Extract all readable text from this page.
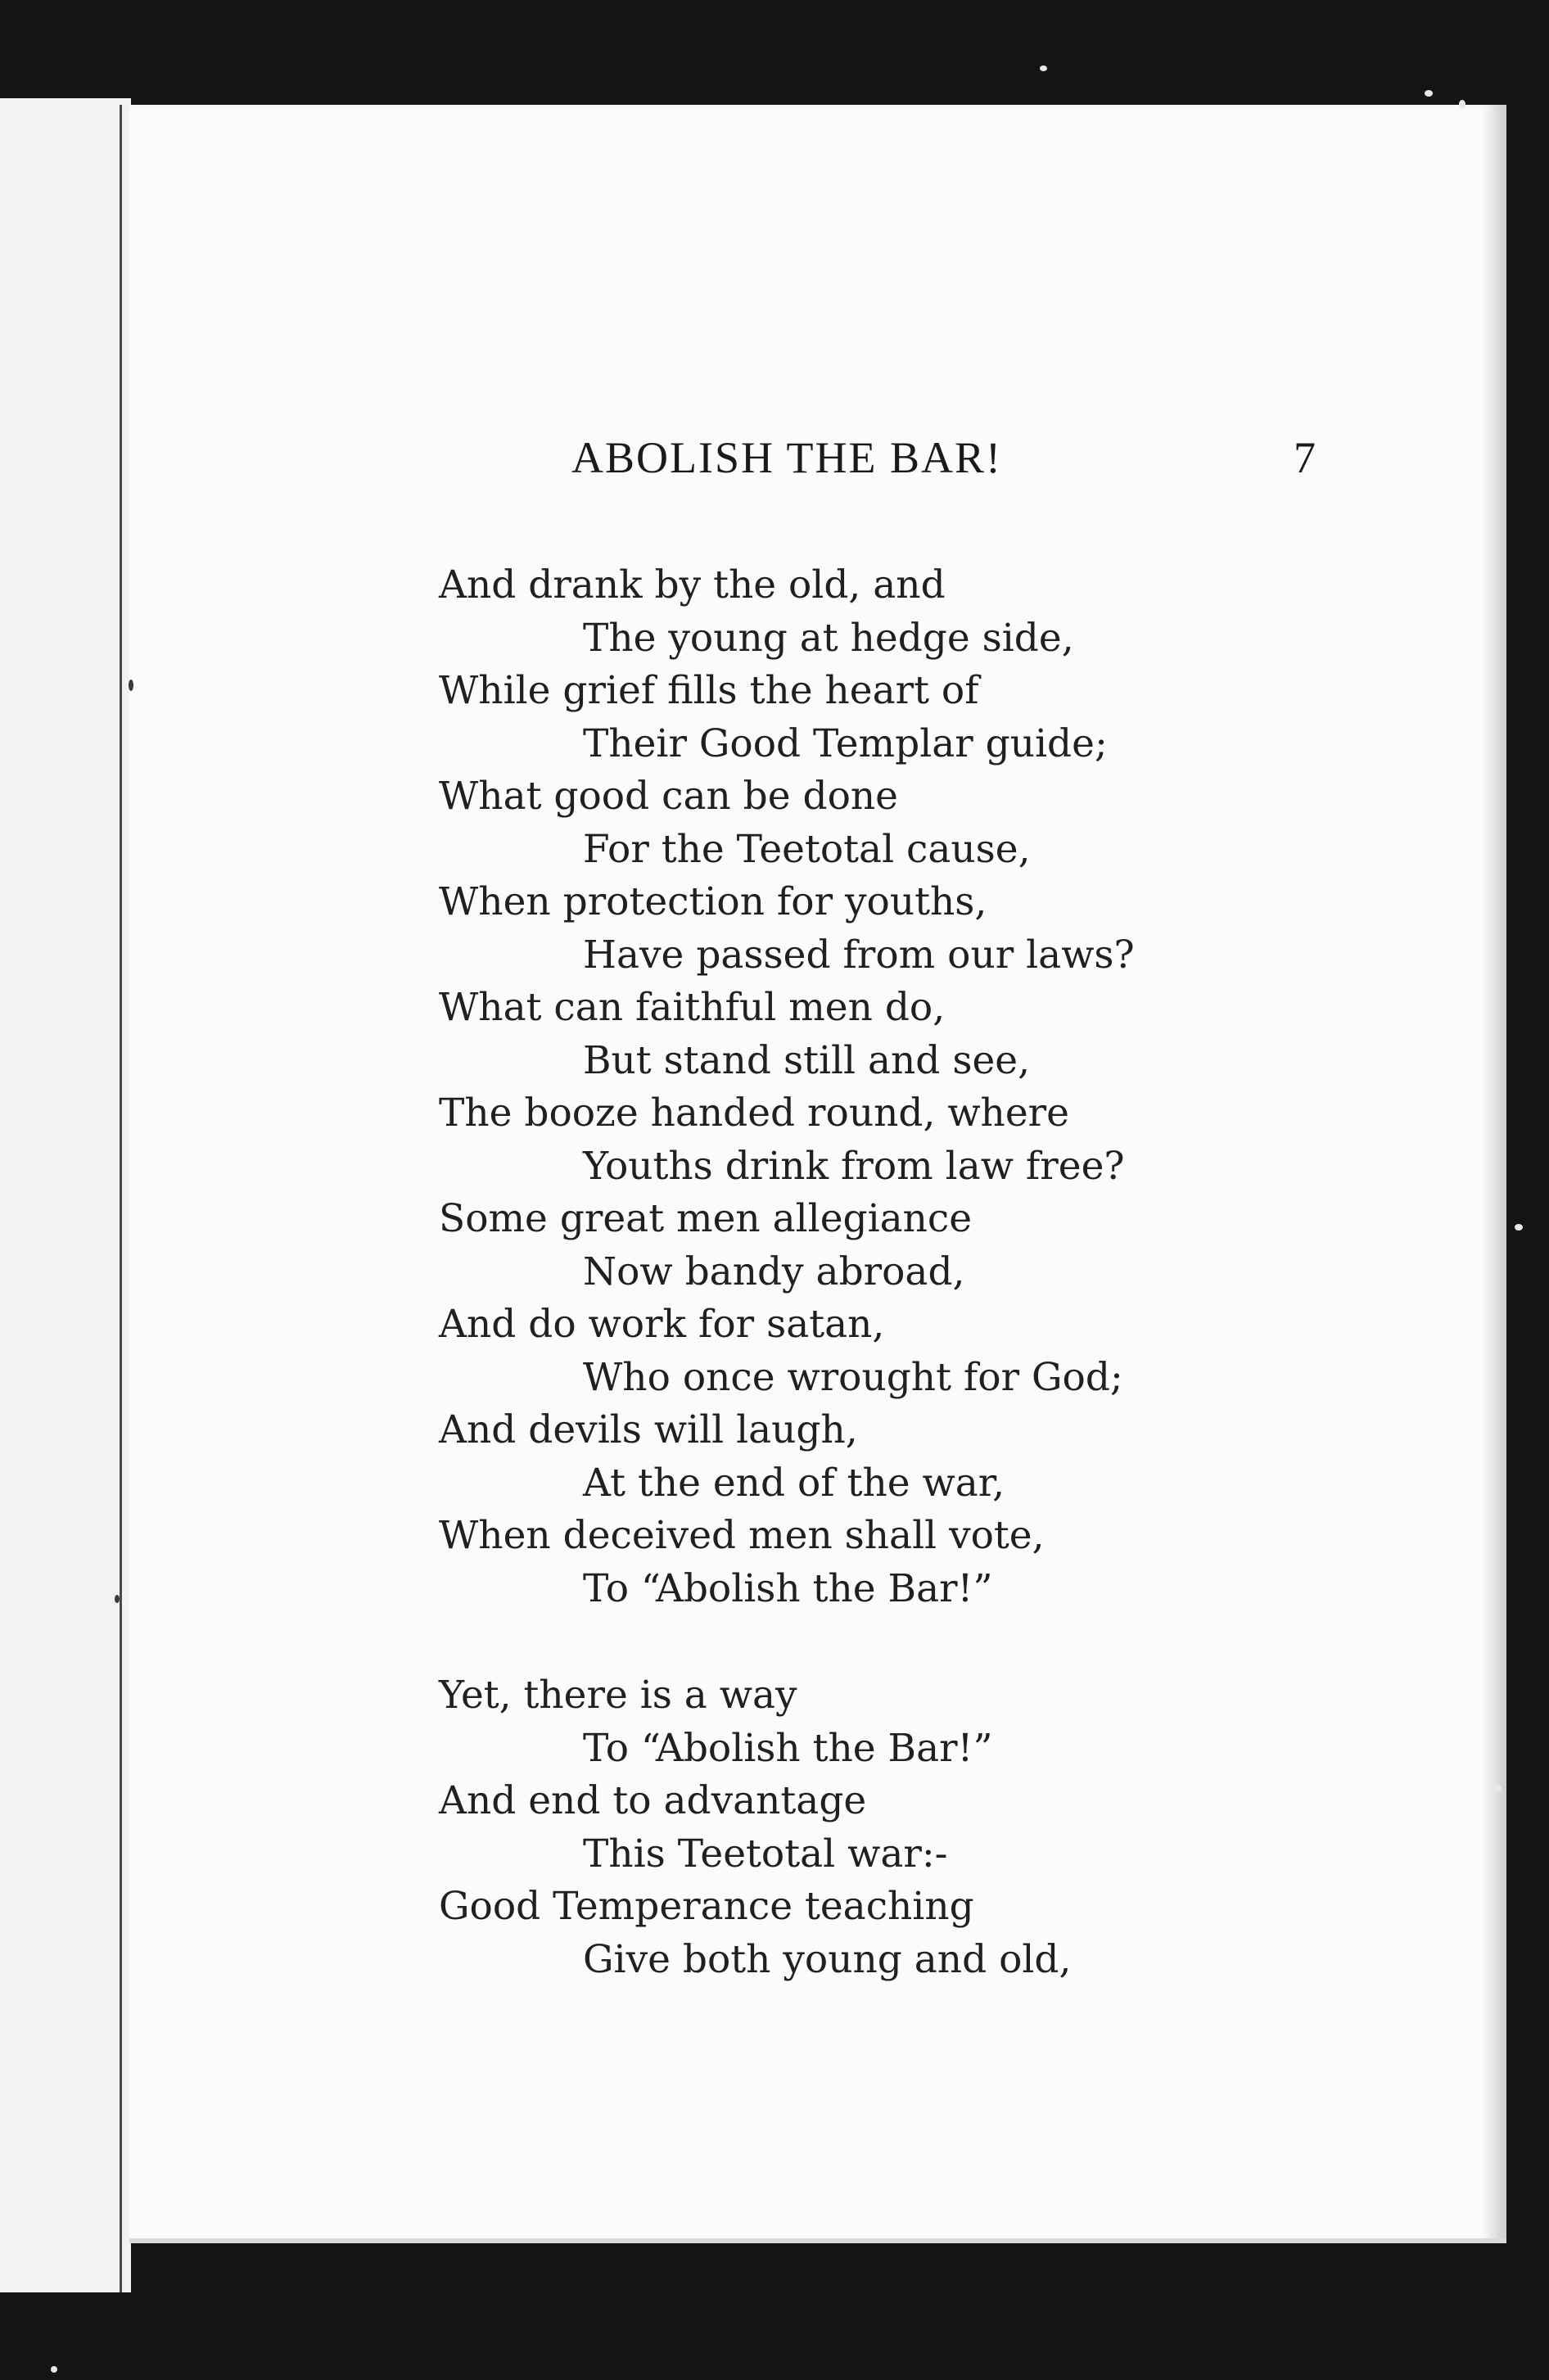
ABOLISH THE BAR!	7
And drank by the old, and
The young at hedge side,
While grief fills the heart of
Their Good Templar guide;
What good can be done
For the Teetotal cause,
When protection for youths,
Have passed from our laws?
What can faithful men do,
But stand still and see,
The booze handed round, where
Youths drink from law free?
Some great men allegiance
Now bandy abroad,
And do work for satan,
Who once wrought for God;
And devils will laugh,
At the end of the war,
When deceived men shall vote,
To “Abolish the Bar!”
Yet, there is a way
To “Abolish the Bar!”
And end to advantage
This Teetotal war:-
Good Temperance teaching
Give both young and old,
